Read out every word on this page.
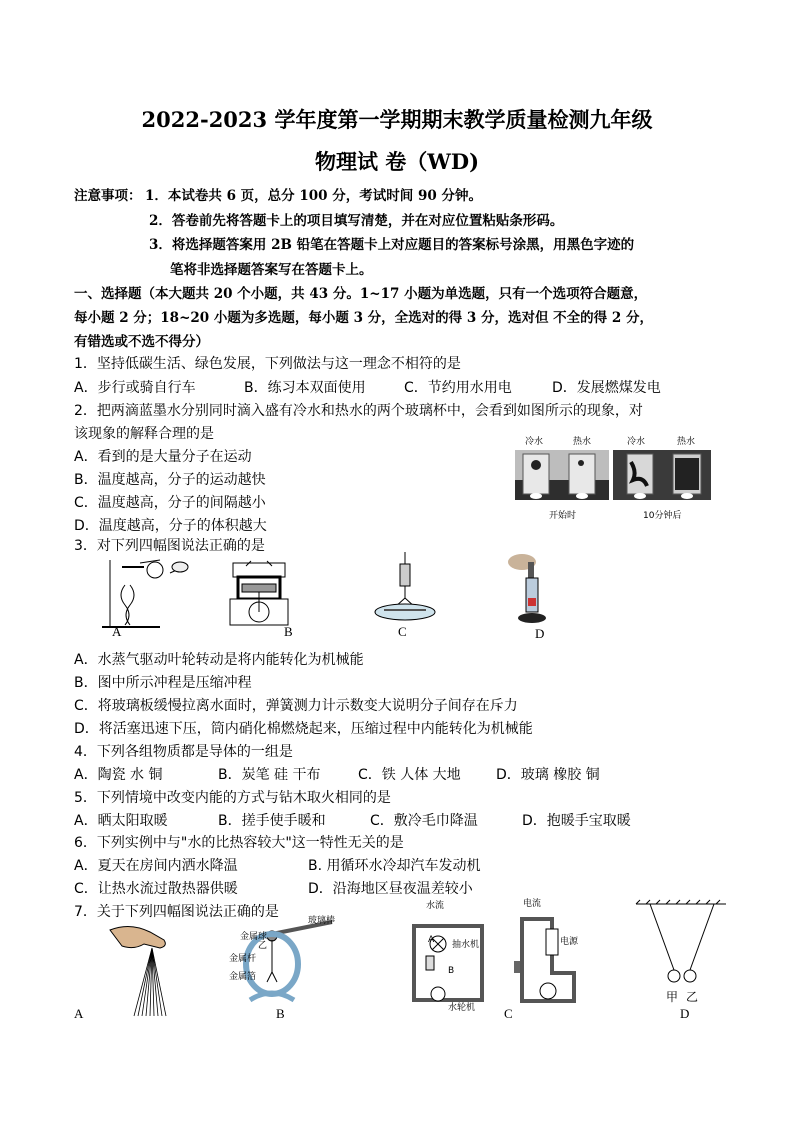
2022-2023 学年度第一学期期末教学质量检测九年级
物理试 卷（WD)
注意事项： 1．本试卷共 6 页，总分 100 分，考试时间 90 分钟。
2．答卷前先将答题卡上的项目填写清楚，并在对应位置粘贴条形码。
3．将选择题答案用 2B 铅笔在答题卡上对应题目的答案标号涂黑，用黑色字迹的
笔将非选择题答案写在答题卡上。
一、选择题（本大题共 20 个小题，共 43 分。1~17 小题为单选题，只有一个选项符合题意，
每小题 2 分；18~20 小题为多选题，每小题 3 分，全选对的得 3 分，选对但 不全的得 2 分，
有错选或不选不得分）
1．坚持低碳生活、绿色发展，下列做法与这一理念不相符的是
A．步行或骑自行车	B．练习本双面使用	C．节约用水用电	D．发展燃煤发电
2．把两滴蓝墨水分别同时滴入盛有冷水和热水的两个玻璃杯中，会看到如图所示的现象，对
该现象的解释合理的是
A．看到的是大量分子在运动
B．温度越高，分子的运动越快
C．温度越高，分子的间隔越小
D．温度越高，分子的体积越大
冷水	热水	冷水	热水
开始时	10分钟后
3．对下列四幅图说法正确的是
A	B	C	D
A．水蒸气驱动叶轮转动是将内能转化为机械能
B．图中所示冲程是压缩冲程
C．将玻璃板缓慢拉离水面时，弹簧测力计示数变大说明分子间存在斥力
D．将活塞迅速下压，筒内硝化棉燃烧起来，压缩过程中内能转化为机械能
4．下列各组物质都是导体的一组是
A．陶瓷 水 铜	B．炭笔 硅 干布	C．铁 人体 大地	D．玻璃 橡胶 铜
5．下列情境中改变内能的方式与钻木取火相同的是
A．晒太阳取暖	B．搓手使手暖和	C．敷冷毛巾降温	D．抱暖手宝取暖
6．下列实例中与"水的比热容较大"这一特性无关的是
A．夏天在房间内洒水降温	B. 用循环水冷却汽车发动机
C．让热水流过散热器供暖	D．沿海地区昼夜温差较小
7．关于下列四幅图说法正确的是
A
玻璃棒
金属球
乙
金属杆
金属箔
B
水流
A 抽水机
B
水轮机
电流
电源
C
甲 乙
D
